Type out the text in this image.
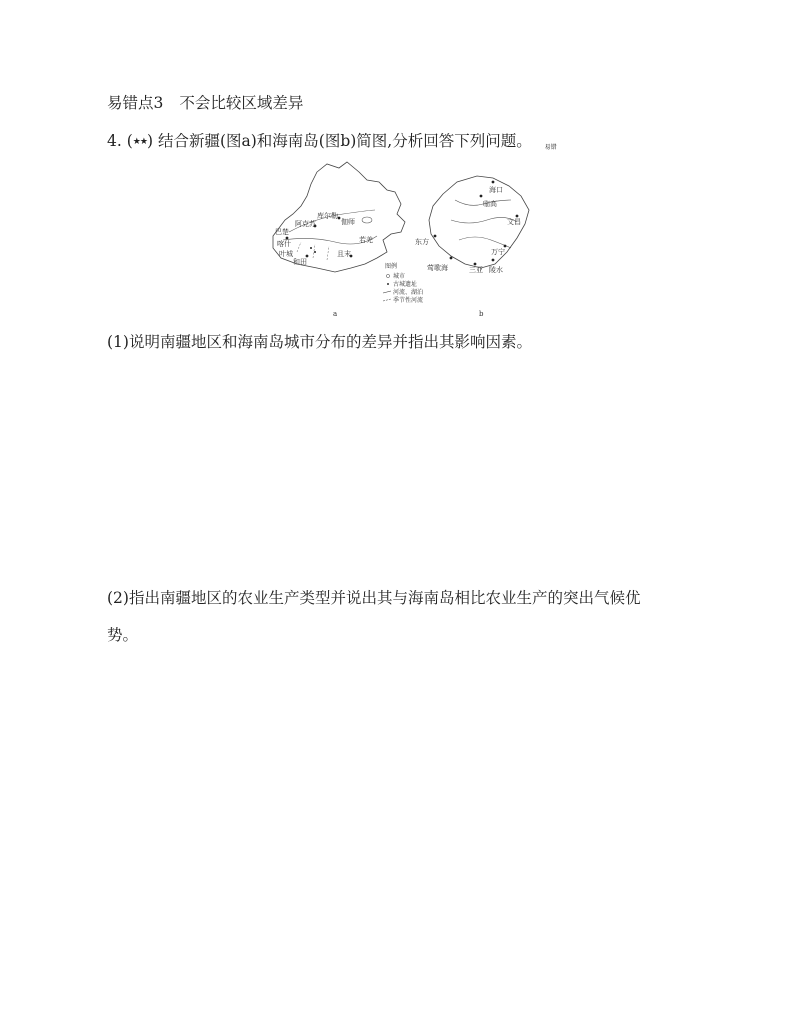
易错点3 不会比较区域差异
4. (★★) 结合新疆(图a)和海南岛(图b)简图,分析回答下列问题。 易错
库尔勒
阿克苏
喀什
和田
叶城	且末
若羌
伽师
巴楚
图例
城市
古城遗址
河流、湖泊
季节性河流
a
海口
临高
文昌
东方
万宁
莺歌海	三亚 陵水
b
(1)说明南疆地区和海南岛城市分布的差异并指出其影响因素。
(2)指出南疆地区的农业生产类型并说出其与海南岛相比农业生产的突出气候优
势。
